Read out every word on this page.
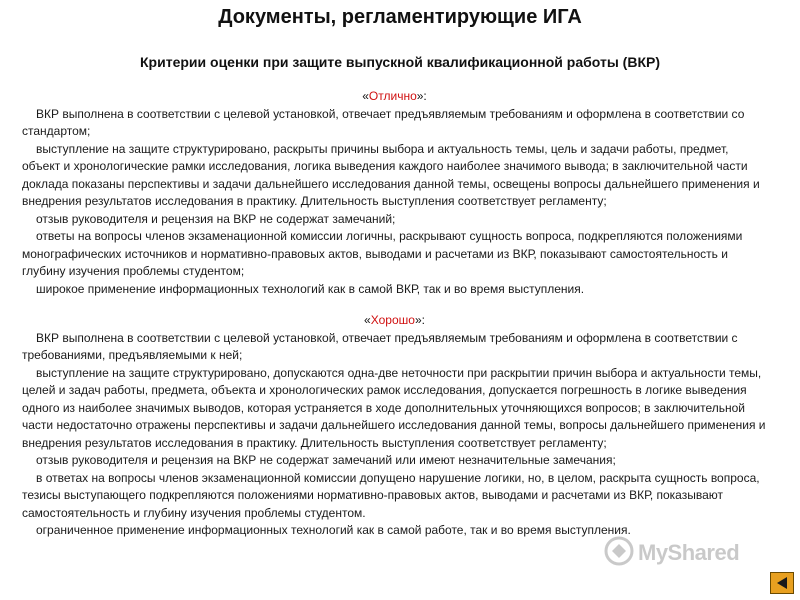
Документы, регламентирующие ИГА
Критерии оценки при защите выпускной квалификационной работы (ВКР)

«Отлично»:

ВКР выполнена в соответствии с целевой установкой, отвечает предъявляемым требованиям и оформлена в соответствии со стандартом;

выступление на защите структурировано, раскрыты причины выбора и актуальность темы, цель и задачи работы, предмет, объект и хронологические рамки исследования, логика выведения каждого наиболее значимого вывода; в заключительной части доклада показаны перспективы и задачи дальнейшего исследования данной темы, освещены вопросы дальнейшего применения и внедрения результатов исследования в практику. Длительность выступления соответствует регламенту;

отзыв руководителя и рецензия на ВКР не содержат замечаний;

ответы на вопросы членов экзаменационной комиссии логичны, раскрывают сущность вопроса, подкрепляются положениями монографических источников и нормативно-правовых актов, выводами и расчетами из ВКР, показывают самостоятельность и глубину изучения проблемы студентом;

широкое применение информационных технологий как в самой ВКР, так и во время выступления.

«Хорошо»:

ВКР выполнена в соответствии с целевой установкой, отвечает предъявляемым требованиям и оформлена в соответствии с требованиями, предъявляемыми к ней;

выступление на защите структурировано, допускаются одна-две неточности при раскрытии причин выбора и актуальности темы, целей и задач работы, предмета, объекта и хронологических рамок исследования, допускается погрешность в логике выведения одного из наиболее значимых выводов, которая устраняется в ходе дополнительных уточняющихся вопросов; в заключительной части недостаточно отражены перспективы и задачи дальнейшего исследования данной темы, вопросы дальнейшего применения и внедрения результатов исследования в практику. Длительность выступления соответствует регламенту;

отзыв руководителя и рецензия на ВКР не содержат замечаний или имеют незначительные замечания;

в ответах на вопросы членов экзаменационной комиссии допущено нарушение логики, но, в целом, раскрыта сущность вопроса, тезисы выступающего подкрепляются положениями нормативно-правовых актов, выводами и расчетами из ВКР, показывают самостоятельность и глубину изучения проблемы студентом.

ограниченное применение информационных технологий как в самой работе, так и во время выступления.

MyShared
